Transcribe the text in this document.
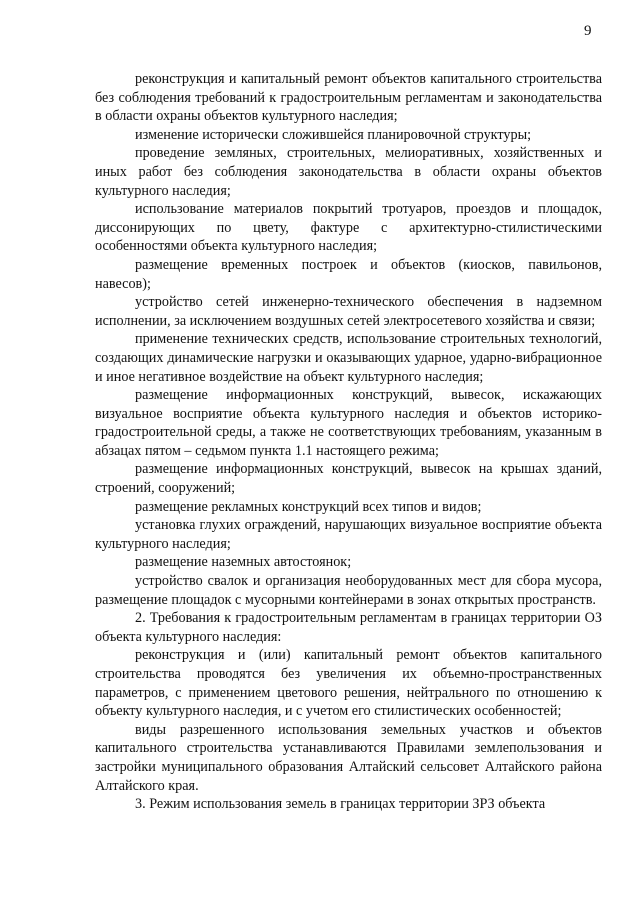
9

реконструкция и капитальный ремонт объектов капитального строительства без соблюдения требований к градостроительным регламентам и законодательства в области охраны объектов культурного наследия;

изменение исторически сложившейся планировочной структуры;

проведение земляных, строительных, мелиоративных, хозяйственных и иных работ без соблюдения законодательства в области охраны объектов культурного наследия;

использование материалов покрытий тротуаров, проездов и площадок, диссонирующих по цвету, фактуре с архитектурно-стилистическими особенностями объекта культурного наследия;

размещение временных построек и объектов (киосков, павильонов, навесов);

устройство сетей инженерно-технического обеспечения в надземном исполнении, за исключением воздушных сетей электросетевого хозяйства и связи;

применение технических средств, использование строительных технологий, создающих динамические нагрузки и оказывающих ударное, ударно-вибрационное и иное негативное воздействие на объект культурного наследия;

размещение информационных конструкций, вывесок, искажающих визуальное восприятие объекта культурного наследия и объектов историко-градостроительной среды, а также не соответствующих требованиям, указанным в абзацах пятом – седьмом пункта 1.1 настоящего режима;

размещение информационных конструкций, вывесок на крышах зданий, строений, сооружений;

размещение рекламных конструкций всех типов и видов;

установка глухих ограждений, нарушающих визуальное восприятие объекта культурного наследия;

размещение наземных автостоянок;

устройство свалок и организация необорудованных мест для сбора мусора, размещение площадок с мусорными контейнерами в зонах открытых пространств.

2. Требования к градостроительным регламентам в границах территории ОЗ объекта культурного наследия:

реконструкция и (или) капитальный ремонт объектов капитального строительства проводятся без увеличения их объемно-пространственных параметров, с применением цветового решения, нейтрального по отношению к объекту культурного наследия, и с учетом его стилистических особенностей;

виды разрешенного использования земельных участков и объектов капитального строительства устанавливаются Правилами землепользования и застройки муниципального образования Алтайский сельсовет Алтайского района Алтайского края.

3. Режим использования земель в границах территории ЗРЗ объекта
